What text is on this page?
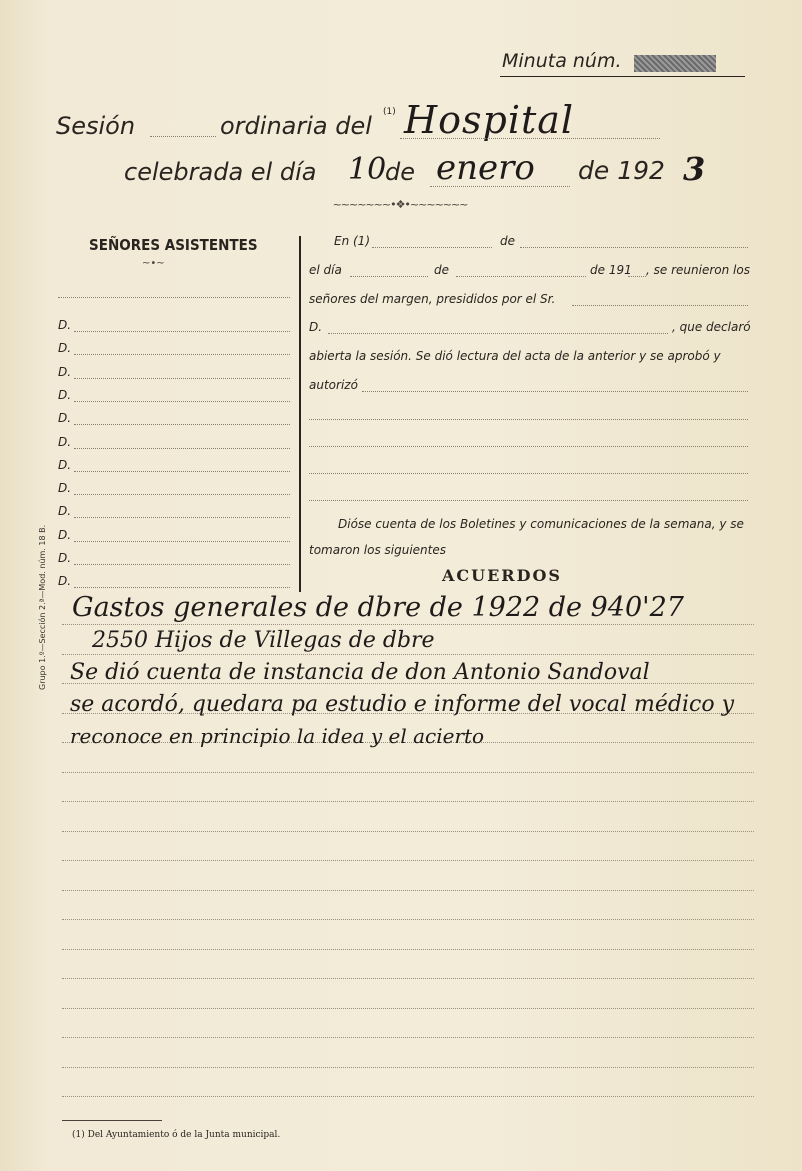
Minuta núm.
Sesión	ordinaria del (1) Hospital
celebrada el día 10
de enero de 192 3
~~~~~~~•❖•~~~~~~~
SEÑORES ASISTENTES
~•~
D.
D.
D.
D.
D.
D.
D.
D.
D.
D.
D.
D.
En (1)	de
el día	de	de 191 , se reunieron los
señores del margen, presididos por el Sr.
D.	, que declaró
abierta la sesión. Se dió lectura del acta de la anterior y se aprobó y
autorizó
Dióse cuenta de los Boletines y comunicaciones de la semana, y se
tomaron los siguientes
ACUERDOS
Grupo 1.º—Sección 2.ª—Mod. núm. 18 B. Gastos generales de dbre de 1922 de 940'27
2550 Hijos de Villegas de dbre
Se dió cuenta de instancia de don Antonio Sandoval
se acordó, quedara pa estudio e informe del vocal médico y
reconoce en principio la idea y el acierto
(1) Del Ayuntamiento ó de la Junta municipal.
